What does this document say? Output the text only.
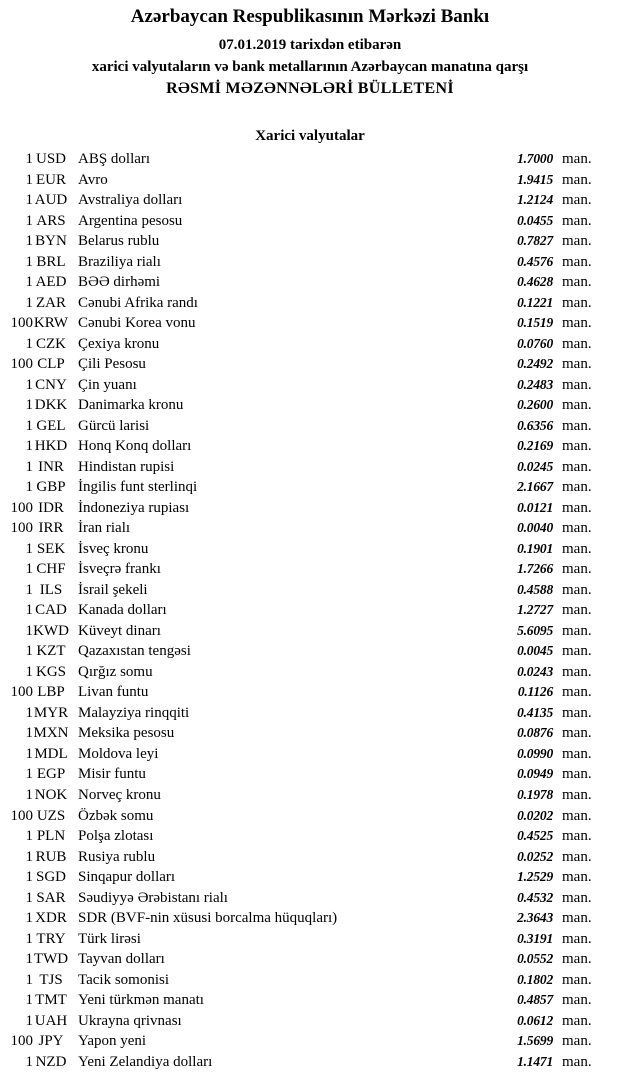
Azərbaycan Respublikasının Mərkəzi Bankı
07.01.2019 tarixdən etibarən
xarici valyutaların və bank metallarının Azərbaycan manatına qarşı
RƏSMİ MƏZƏNNƏLƏRİ BÜLLETENİ
Xarici valyutalar
1 USD ABŞ dolları	1.7000 man.
1 EUR Avro	1.9415 man.
1 AUD Avstraliya dolları	1.2124 man.
1 ARS Argentina pesosu	0.0455 man.
1 BYN Belarus rublu	0.7827 man.
1 BRL Braziliya rialı	0.4576 man.
1 AED BƏƏ dirhəmi	0.4628 man.
1 ZAR Cənubi Afrika randı	0.1221 man.
100 KRW Cənubi Korea vonu	0.1519 man.
1 CZK Çexiya kronu	0.0760 man.
100 CLP Çili Pesosu	0.2492 man.
1 CNY Çin yuanı	0.2483 man.
1 DKK Danimarka kronu	0.2600 man.
1 GEL Gürcü larisi	0.6356 man.
1 HKD Honq Konq dolları	0.2169 man.
1 INR Hindistan rupisi	0.0245 man.
1 GBP İngilis funt sterlinqi	2.1667 man.
100 IDR İndoneziya rupiası	0.0121 man.
100 IRR İran rialı	0.0040 man.
1 SEK İsveç kronu	0.1901 man.
1 CHF İsveçrə frankı	1.7266 man.
1 ILS	İsrail şekeli	0.4588 man.
1 CAD Kanada dolları	1.2727 man.
1 KWD Küveyt dinarı	5.6095 man.
1 KZT Qazaxıstan tengəsi	0.0045 man.
1 KGS Qırğız somu	0.0243 man.
100 LBP Livan funtu	0.1126 man.
1 MYR Malayziya rinqqiti	0.4135 man.
1 MXN Meksika pesosu	0.0876 man.
1 MDL Moldova leyi	0.0990 man.
1 EGP Misir funtu	0.0949 man.
1 NOK Norveç kronu	0.1978 man.
100 UZS Özbək somu	0.0202 man.
1 PLN Polşa zlotası	0.4525 man.
1 RUB Rusiya rublu	0.0252 man.
1 SGD Sinqapur dolları	1.2529 man.
1 SAR Səudiyyə Ərəbistanı rialı	0.4532 man.
1 XDR SDR (BVF-nin xüsusi borcalma hüquqları)	2.3643 man.
1 TRY Türk lirəsi	0.3191 man.
1 TWD Tayvan dolları	0.0552 man.
1 TJS	Tacik somonisi	0.1802 man.
1 TMT Yeni türkmən manatı	0.4857 man.
1 UAH Ukrayna qrivnası	0.0612 man.
100 JPY Yapon yeni	1.5699 man.
1 NZD Yeni Zelandiya dolları	1.1471 man.
